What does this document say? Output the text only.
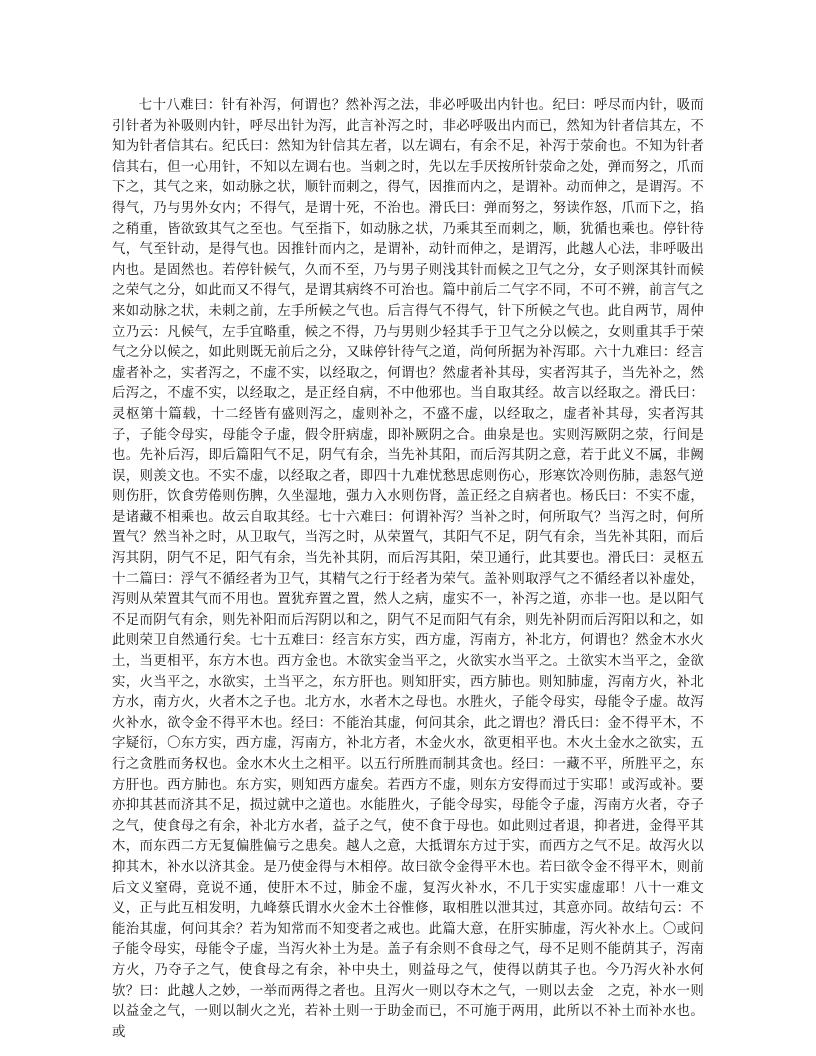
七十八难曰：针有补泻，何谓也？然补泻之法，非必呼吸出内针也。纪曰：呼尽而内针，吸而引针者为补吸则内针，呼尽出针为泻，此言补泻之时，非必呼吸出内而已，然知为针者信其左，不知为针者信其右。纪氏曰：然知为针信其左者，以左调右，有余不足，补泻于荥俞也。不知为针者信其右，但一心用针，不知以左调右也。当刺之时，先以左手厌按所针荥命之处，弹而努之，爪而下之，其气之来，如动脉之状，顺针而刺之，得气，因推而内之，是谓补。动而伸之，是谓泻。不得气，乃与男外女内；不得气，是谓十死，不治也。滑氏曰：弹而努之，努读作怒，爪而下之，掐之稍重，皆欲致其气之至也。气至指下，如动脉之状，乃乘其至而刺之，顺，犹循也乘也。停针待气，气至针动，是得气也。因推针而内之，是谓补，动针而伸之，是谓泻，此越人心法，非呼吸出内也。是固然也。若停针候气，久而不至，乃与男子则浅其针而候之卫气之分，女子则深其针而候之荣气之分，如此而又不得气，是谓其病终不可治也。篇中前后二气字不同，不可不辨，前言气之来如动脉之状，未刺之前，左手所候之气也。后言得气不得气，针下所候之气也。此自两节，周仲立乃云：凡候气，左手宜略重，候之不得，乃与男则少轻其手于卫气之分以候之，女则重其手于荣气之分以候之，如此则既无前后之分，又昧停针待气之道，尚何所据为补泻耶。六十九难曰：经言虚者补之，实者泻之，不虚不实，以经取之，何谓也？然虚者补其母，实者泻其子，当先补之，然后泻之，不虚不实，以经取之，是正经自病，不中他邪也。当自取其经。故言以经取之。滑氏曰：灵枢第十篇载，十二经皆有盛则泻之，虚则补之，不盛不虚，以经取之，虚者补其母，实者泻其子，子能令母实，母能令子虚，假令肝病虚，即补厥阴之合。曲泉是也。实则泻厥阴之荥，行间是也。先补后泻，即后篇阳气不足，阴气有余，当先补其阳，而后泻其阴之意，若于此义不属，非阙误，则羡文也。不实不虚，以经取之者，即四十九难忧愁思虑则伤心，形寒饮冷则伤肺，恚怒气逆则伤肝，饮食劳倦则伤脾，久坐湿地，强力入水则伤肾，盖正经之自病者也。杨氏曰：不实不虚，是诸藏不相乘也。故云自取其经。七十六难曰：何谓补泻？当补之时，何所取气？当泻之时，何所置气？然当补之时，从卫取气，当泻之时，从荣置气，其阳气不足，阴气有余，当先补其阳，而后泻其阴，阴气不足，阳气有余，当先补其阴，而后泻其阳，荣卫通行，此其要也。滑氏曰：灵枢五十二篇曰：浮气不循经者为卫气，其精气之行于经者为荣气。盖补则取浮气之不循经者以补虚处，泻则从荣置其气而不用也。置犹弃置之置，然人之病，虚实不一，补泻之道，亦非一也。是以阳气不足而阴气有余，则先补阳而后泻阴以和之，阴气不足而阳气有余，则先补阴而后泻阳以和之，如此则荣卫自然通行矣。七十五难曰：经言东方实，西方虚，泻南方，补北方，何谓也？然金木水火土，当更相平，东方木也。西方金也。木欲实金当平之，火欲实水当平之。土欲实木当平之，金欲实，火当平之，水欲实，土当平之，东方肝也。则知肝实，西方肺也。则知肺虚，泻南方火，补北方水，南方火，火者木之子也。北方水，水者木之母也。水胜火，子能令母实，母能令子虚。故泻火补水，欲令金不得平木也。经曰：不能治其虚，何问其余，此之谓也？滑氏曰：金不得平木，不字疑衍，〇东方实，西方虚，泻南方，补北方者，木金火水，欲更相平也。木火土金水之欲实，五行之贪胜而务权也。金水木火土之相平。以五行所胜而制其贪也。经曰：一藏不平，所胜平之，东方肝也。西方肺也。东方实，则知西方虚矣。若西方不虚，则东方安得而过于实耶！或泻或补。要亦抑其甚而济其不足，损过就中之道也。水能胜火，子能令母实，母能令子虚，泻南方火者，夺子之气，使食母之有余，补北方水者，益子之气，使不食于母也。如此则过者退，抑者进，金得平其木，而东西二方无复偏胜偏亏之患矣。越人之意，大抵谓东方过于实，而西方之气不足。故泻火以抑其木，补水以济其金。是乃使金得与木相停。故曰欲令金得平木也。若曰欲令金不得平木，则前后文义窒碍，竟说不通，使肝木不过，肺金不虚，复泻火补水，不几于实实虚虚耶！八十一难文义，正与此互相发明，九峰蔡氏谓水火金木土谷惟修，取相胜以泄其过，其意亦同。故结句云：不能治其虚，何问其余？若为知常而不知变者之戒也。此篇大意，在肝实肺虚，泻火补水上。〇或问子能令母实，母能令子虚，当泻火补土为是。盖子有余则不食母之气，母不足则不能荫其子，泻南方火，乃夺子之气，使食母之有余，补中央土，则益母之气，使得以荫其子也。今乃泻火补水何欤？曰：此越人之妙，一举而两得之者也。且泻火一则以夺木之气，一则以去金　之克，补水一则以益金之气，一则以制火之光，若补土则一于助金而已，不可施于两用，此所以不补土而补水也。或
